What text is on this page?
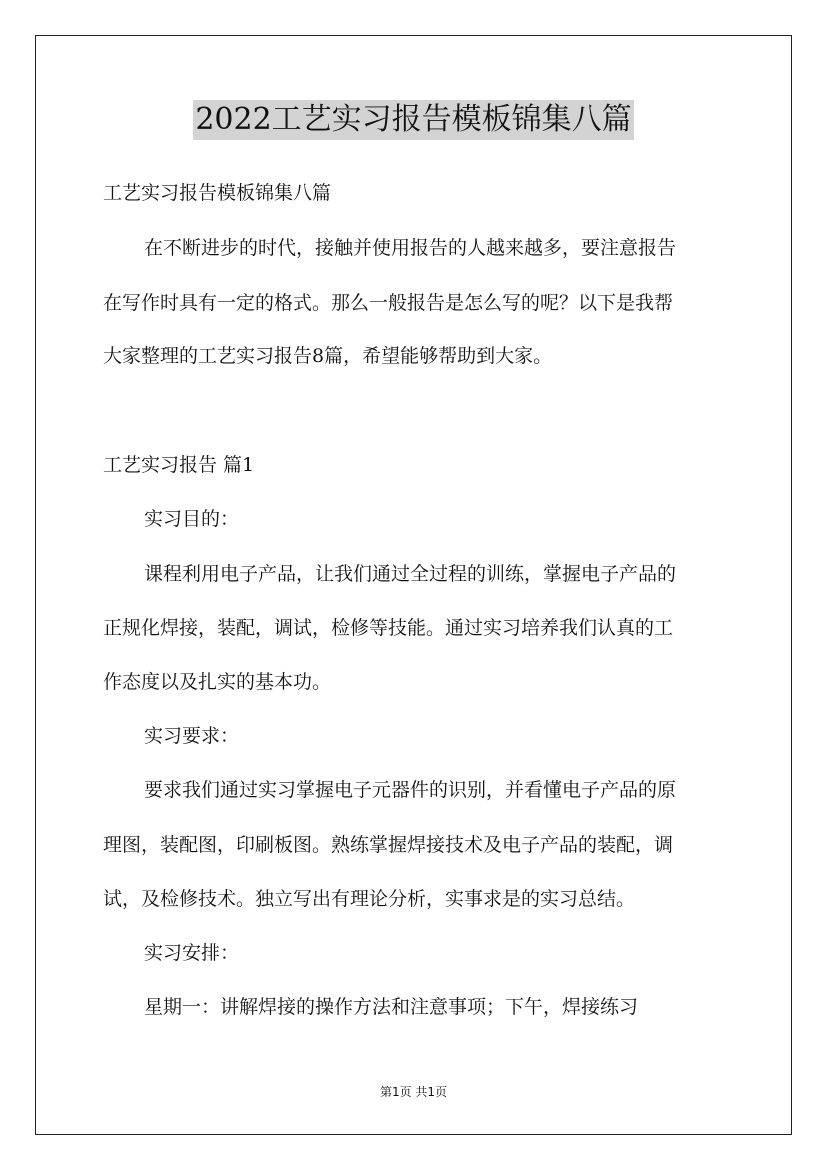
2022工艺实习报告模板锦集八篇
工艺实习报告模板锦集八篇
在不断进步的时代，接触并使用报告的人越来越多，要注意报告
在写作时具有一定的格式。那么一般报告是怎么写的呢？以下是我帮
大家整理的工艺实习报告8篇，希望能够帮助到大家。
工艺实习报告 篇1
实习目的：
课程利用电子产品，让我们通过全过程的训练，掌握电子产品的
正规化焊接，装配，调试，检修等技能。通过实习培养我们认真的工
作态度以及扎实的基本功。
实习要求：
要求我们通过实习掌握电子元器件的识别，并看懂电子产品的原
理图，装配图，印刷板图。熟练掌握焊接技术及电子产品的装配，调
试，及检修技术。独立写出有理论分析，实事求是的实习总结。
实习安排：
星期一：讲解焊接的操作方法和注意事项；下午，焊接练习
第1页 共1页
